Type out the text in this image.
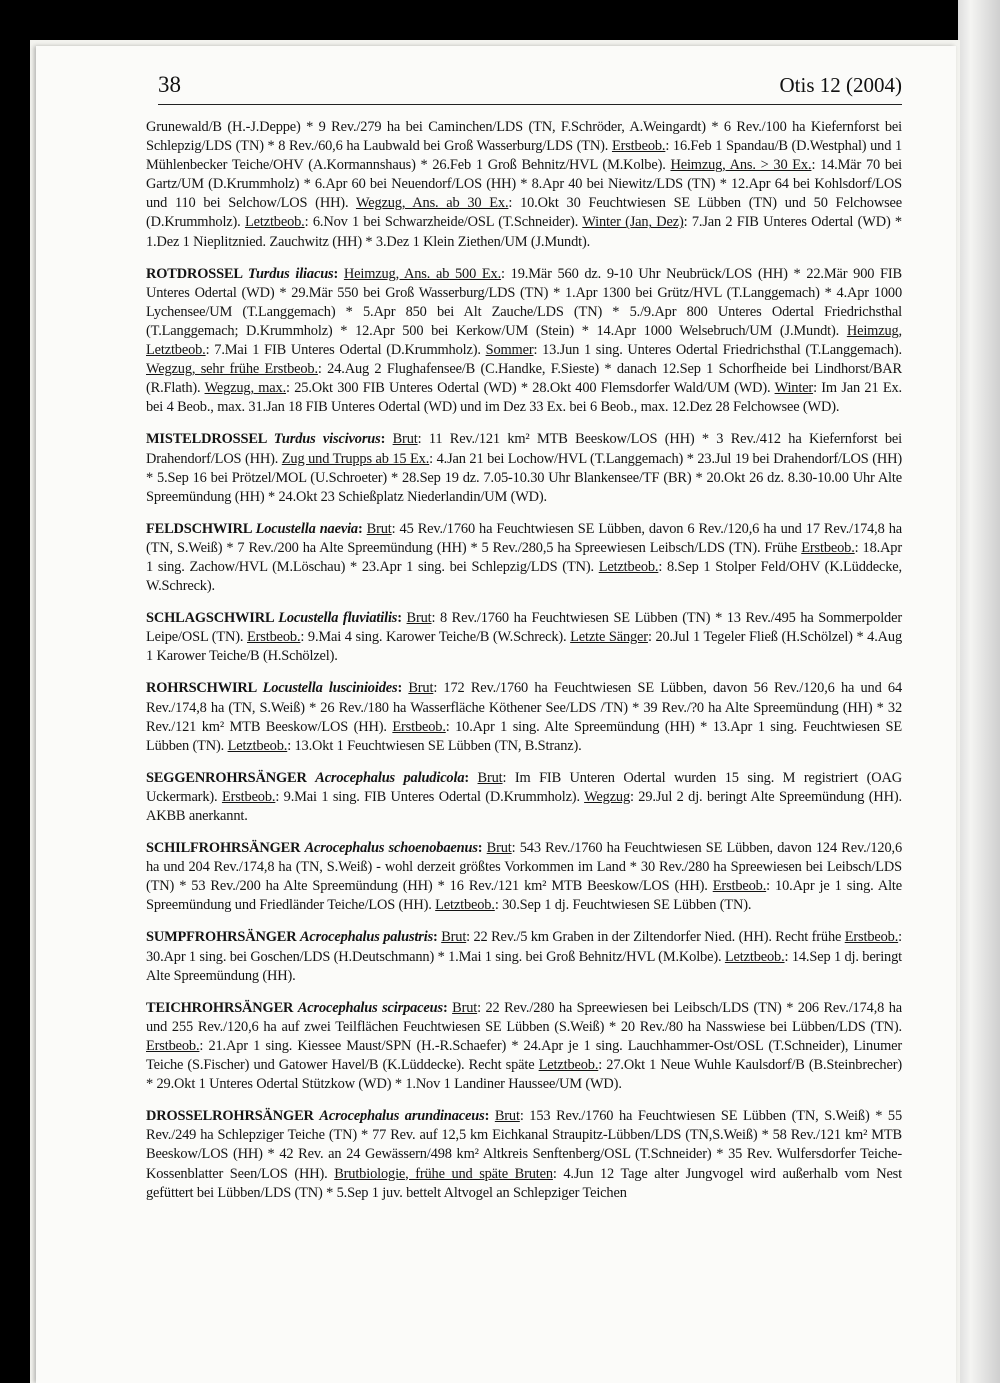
38	Otis 12 (2004)

Grunewald/B (H.-J.Deppe) * 9 Rev./279 ha bei Caminchen/LDS (TN, F.Schröder, A.Weingardt) * 6 Rev./100 ha Kiefernforst bei Schlepzig/LDS (TN) * 8 Rev./60,6 ha Laubwald bei Groß Wasserburg/LDS (TN). Erstbeob.: 16.Feb 1 Spandau/B (D.Westphal) und 1 Mühlenbecker Teiche/OHV (A.Kormannshaus) * 26.Feb 1 Groß Behnitz/HVL (M.Kolbe). Heimzug, Ans. > 30 Ex.: 14.Mär 70 bei Gartz/UM (D.Krummholz) * 6.Apr 60 bei Neuendorf/LOS (HH) * 8.Apr 40 bei Niewitz/LDS (TN) * 12.Apr 64 bei Kohlsdorf/LOS und 110 bei Selchow/LOS (HH). Wegzug, Ans. ab 30 Ex.: 10.Okt 30 Feuchtwiesen SE Lübben (TN) und 50 Felchowsee (D.Krummholz). Letztbeob.: 6.Nov 1 bei Schwarzheide/OSL (T.Schneider). Winter (Jan, Dez): 7.Jan 2 FIB Unteres Odertal (WD) * 1.Dez 1 Nieplitznied. Zauchwitz (HH) * 3.Dez 1 Klein Ziethen/UM (J.Mundt).

ROTDROSSEL Turdus iliacus: Heimzug, Ans. ab 500 Ex.: 19.Mär 560 dz. 9-10 Uhr Neubrück/LOS (HH) * 22.Mär 900 FIB Unteres Odertal (WD) * 29.Mär 550 bei Groß Wasserburg/LDS (TN) * 1.Apr 1300 bei Grütz/HVL (T.Langgemach) * 4.Apr 1000 Lychensee/UM (T.Langgemach) * 5.Apr 850 bei Alt Zauche/LDS (TN) * 5./9.Apr 800 Unteres Odertal Friedrichsthal (T.Langgemach; D.Krummholz) * 12.Apr 500 bei Kerkow/UM (Stein) * 14.Apr 1000 Welsebruch/UM (J.Mundt). Heimzug, Letztbeob.: 7.Mai 1 FIB Unteres Odertal (D.Krummholz). Sommer: 13.Jun 1 sing. Unteres Odertal Friedrichsthal (T.Langgemach). Wegzug, sehr frühe Erstbeob.: 24.Aug 2 Flughafensee/B (C.Handke, F.Sieste) * danach 12.Sep 1 Schorfheide bei Lindhorst/BAR (R.Flath). Wegzug, max.: 25.Okt 300 FIB Unteres Odertal (WD) * 28.Okt 400 Flemsdorfer Wald/UM (WD). Winter: Im Jan 21 Ex. bei 4 Beob., max. 31.Jan 18 FIB Unteres Odertal (WD) und im Dez 33 Ex. bei 6 Beob., max. 12.Dez 28 Felchowsee (WD).

MISTELDROSSEL Turdus viscivorus: Brut: 11 Rev./121 km² MTB Beeskow/LOS (HH) * 3 Rev./412 ha Kiefernforst bei Drahendorf/LOS (HH). Zug und Trupps ab 15 Ex.: 4.Jan 21 bei Lochow/HVL (T.Langgemach) * 23.Jul 19 bei Drahendorf/LOS (HH) * 5.Sep 16 bei Prötzel/MOL (U.Schroeter) * 28.Sep 19 dz. 7.05-10.30 Uhr Blankensee/TF (BR) * 20.Okt 26 dz. 8.30-10.00 Uhr Alte Spreemündung (HH) * 24.Okt 23 Schießplatz Niederlandin/UM (WD).

FELDSCHWIRL Locustella naevia: Brut: 45 Rev./1760 ha Feuchtwiesen SE Lübben, davon 6 Rev./120,6 ha und 17 Rev./174,8 ha (TN, S.Weiß) * 7 Rev./200 ha Alte Spreemündung (HH) * 5 Rev./280,5 ha Spreewiesen Leibsch/LDS (TN). Frühe Erstbeob.: 18.Apr 1 sing. Zachow/HVL (M.Löschau) * 23.Apr 1 sing. bei Schlepzig/LDS (TN). Letztbeob.: 8.Sep 1 Stolper Feld/OHV (K.Lüddecke, W.Schreck).

SCHLAGSCHWIRL Locustella fluviatilis: Brut: 8 Rev./1760 ha Feuchtwiesen SE Lübben (TN) * 13 Rev./495 ha Sommerpolder Leipe/OSL (TN). Erstbeob.: 9.Mai 4 sing. Karower Teiche/B (W.Schreck). Letzte Sänger: 20.Jul 1 Tegeler Fließ (H.Schölzel) * 4.Aug 1 Karower Teiche/B (H.Schölzel).

ROHRSCHWIRL Locustella luscinioides: Brut: 172 Rev./1760 ha Feuchtwiesen SE Lübben, davon 56 Rev./120,6 ha und 64 Rev./174,8 ha (TN, S.Weiß) * 26 Rev./180 ha Wasserfläche Köthener See/LDS /TN) * 39 Rev./?0 ha Alte Spreemündung (HH) * 32 Rev./121 km² MTB Beeskow/LOS (HH). Erstbeob.: 10.Apr 1 sing. Alte Spreemündung (HH) * 13.Apr 1 sing. Feuchtwiesen SE Lübben (TN). Letztbeob.: 13.Okt 1 Feuchtwiesen SE Lübben (TN, B.Stranz).

SEGGENROHRSÄNGER Acrocephalus paludicola: Brut: Im FIB Unteren Odertal wurden 15 sing. M registriert (OAG Uckermark). Erstbeob.: 9.Mai 1 sing. FIB Unteres Odertal (D.Krummholz). Wegzug: 29.Jul 2 dj. beringt Alte Spreemündung (HH). AKBB anerkannt.

SCHILFROHRSÄNGER Acrocephalus schoenobaenus: Brut: 543 Rev./1760 ha Feuchtwiesen SE Lübben, davon 124 Rev./120,6 ha und 204 Rev./174,8 ha (TN, S.Weiß) - wohl derzeit größtes Vorkommen im Land * 30 Rev./280 ha Spreewiesen bei Leibsch/LDS (TN) * 53 Rev./200 ha Alte Spreemündung (HH) * 16 Rev./121 km² MTB Beeskow/LOS (HH). Erstbeob.: 10.Apr je 1 sing. Alte Spreemündung und Friedländer Teiche/LOS (HH). Letztbeob.: 30.Sep 1 dj. Feuchtwiesen SE Lübben (TN).

SUMPFROHRSÄNGER Acrocephalus palustris: Brut: 22 Rev./5 km Graben in der Ziltendorfer Nied. (HH). Recht frühe Erstbeob.: 30.Apr 1 sing. bei Goschen/LDS (H.Deutschmann) * 1.Mai 1 sing. bei Groß Behnitz/HVL (M.Kolbe). Letztbeob.: 14.Sep 1 dj. beringt Alte Spreemündung (HH).

TEICHROHRSÄNGER Acrocephalus scirpaceus: Brut: 22 Rev./280 ha Spreewiesen bei Leibsch/LDS (TN) * 206 Rev./174,8 ha und 255 Rev./120,6 ha auf zwei Teilflächen Feuchtwiesen SE Lübben (S.Weiß) * 20 Rev./80 ha Nasswiese bei Lübben/LDS (TN). Erstbeob.: 21.Apr 1 sing. Kiessee Maust/SPN (H.-R.Schaefer) * 24.Apr je 1 sing. Lauchhammer-Ost/OSL (T.Schneider), Linumer Teiche (S.Fischer) und Gatower Havel/B (K.Lüddecke). Recht späte Letztbeob.: 27.Okt 1 Neue Wuhle Kaulsdorf/B (B.Steinbrecher) * 29.Okt 1 Unteres Odertal Stützkow (WD) * 1.Nov 1 Landiner Haussee/UM (WD).

DROSSELROHRSÄNGER Acrocephalus arundinaceus: Brut: 153 Rev./1760 ha Feuchtwiesen SE Lübben (TN, S.Weiß) * 55 Rev./249 ha Schlepziger Teiche (TN) * 77 Rev. auf 12,5 km Eichkanal Straupitz-Lübben/LDS (TN,S.Weiß) * 58 Rev./121 km² MTB Beeskow/LOS (HH) * 42 Rev. an 24 Gewässern/498 km² Altkreis Senftenberg/OSL (T.Schneider) * 35 Rev. Wulfersdorfer Teiche-Kossenblatter Seen/LOS (HH). Brutbiologie, frühe und späte Bruten: 4.Jun 12 Tage alter Jungvogel wird außerhalb vom Nest gefüttert bei Lübben/LDS (TN) * 5.Sep 1 juv. bettelt Altvogel an Schlepziger Teichen
